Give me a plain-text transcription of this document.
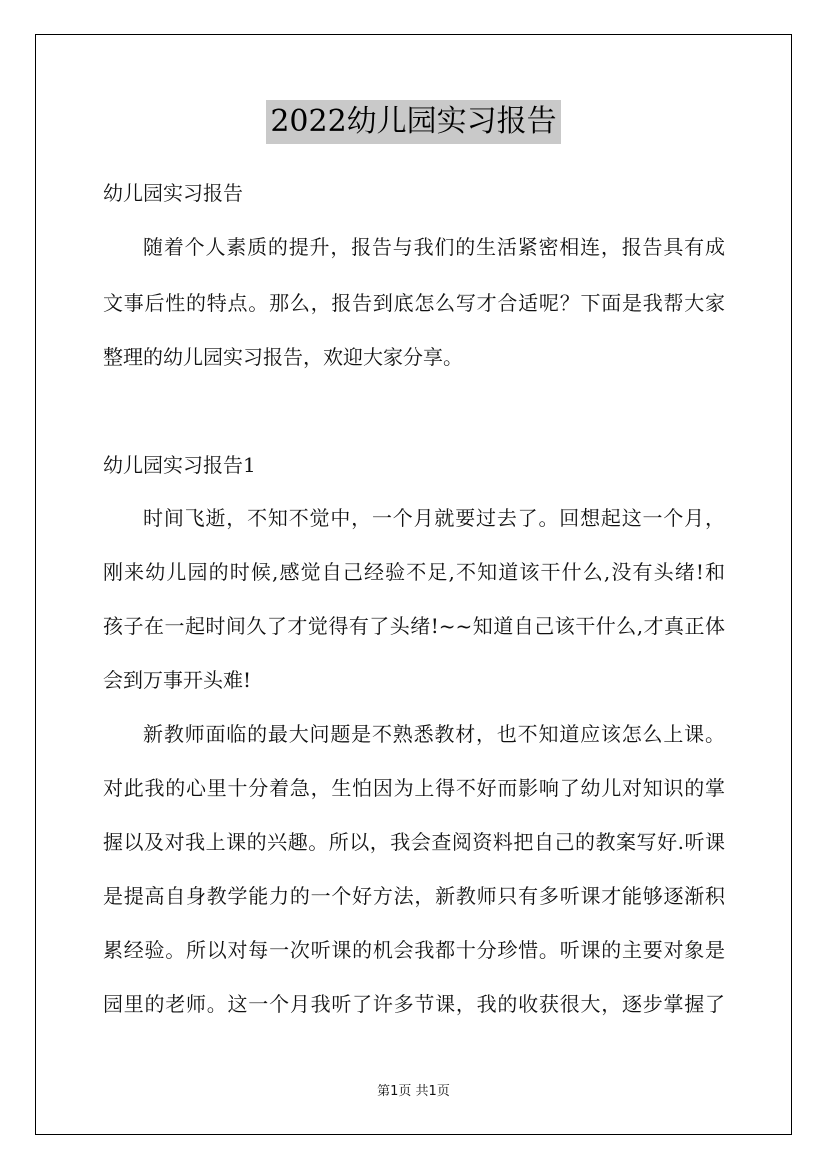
2022幼儿园实习报告
幼儿园实习报告
随着个人素质的提升，报告与我们的生活紧密相连，报告具有成
文事后性的特点。那么，报告到底怎么写才合适呢？下面是我帮大家
整理的幼儿园实习报告，欢迎大家分享。
幼儿园实习报告1
时间飞逝，不知不觉中，一个月就要过去了。回想起这一个月，
刚来幼儿园的时候,感觉自己经验不足,不知道该干什么,没有头绪!和
孩子在一起时间久了才觉得有了头绪!~~知道自己该干什么,才真正体
会到万事开头难!
新教师面临的最大问题是不熟悉教材，也不知道应该怎么上课。
对此我的心里十分着急，生怕因为上得不好而影响了幼儿对知识的掌
握以及对我上课的兴趣。所以，我会查阅资料把自己的教案写好.听课
是提高自身教学能力的一个好方法，新教师只有多听课才能够逐渐积
累经验。所以对每一次听课的机会我都十分珍惜。听课的主要对象是
园里的老师。这一个月我听了许多节课，我的收获很大，逐步掌握了
第1页 共1页
